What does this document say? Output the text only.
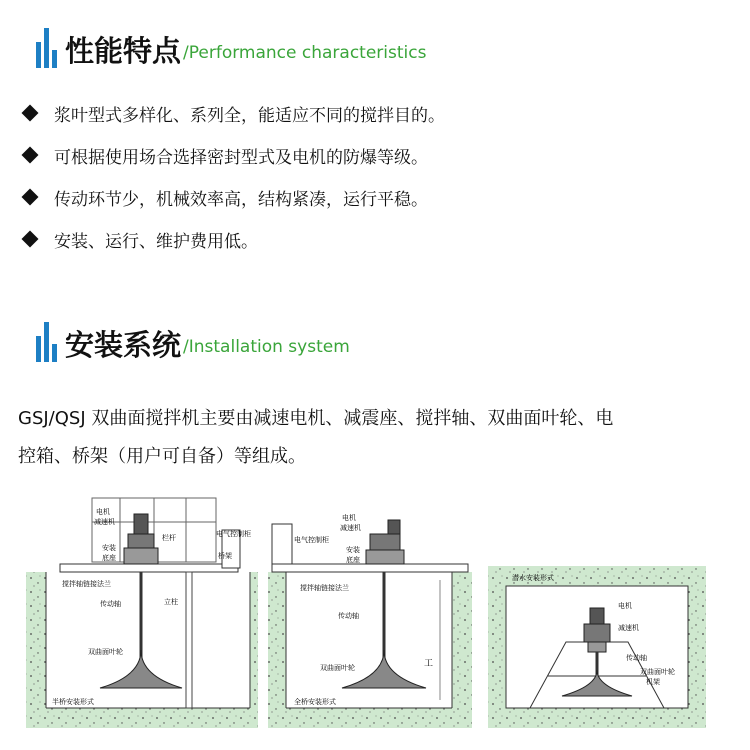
性能特点 /Performance characteristics
浆叶型式多样化、系列全，能适应不同的搅拌目的。
可根据使用场合选择密封型式及电机的防爆等级。
传动环节少，机械效率高，结构紧凑，运行平稳。
安装、运行、维护费用低。
安装系统 /Installation system
GSJ/QSJ 双曲面搅拌机主要由减速电机、减震座、搅拌轴、双曲面叶轮、电
控箱、桥架（用户可自备）等组成。
电机
减速机
安装
底座
栏杆	电气控制柜
桥架
搅拌轴链接法兰
传动轴	立柱
双曲面叶轮
半桥安装形式
工
电机
减速机
电气控制柜
安装
底座
搅拌轴链接法兰
传动轴
双曲面叶轮
全桥安装形式
潜水安装形式
电机
减速机
传动轴
双曲面叶轮
机架
